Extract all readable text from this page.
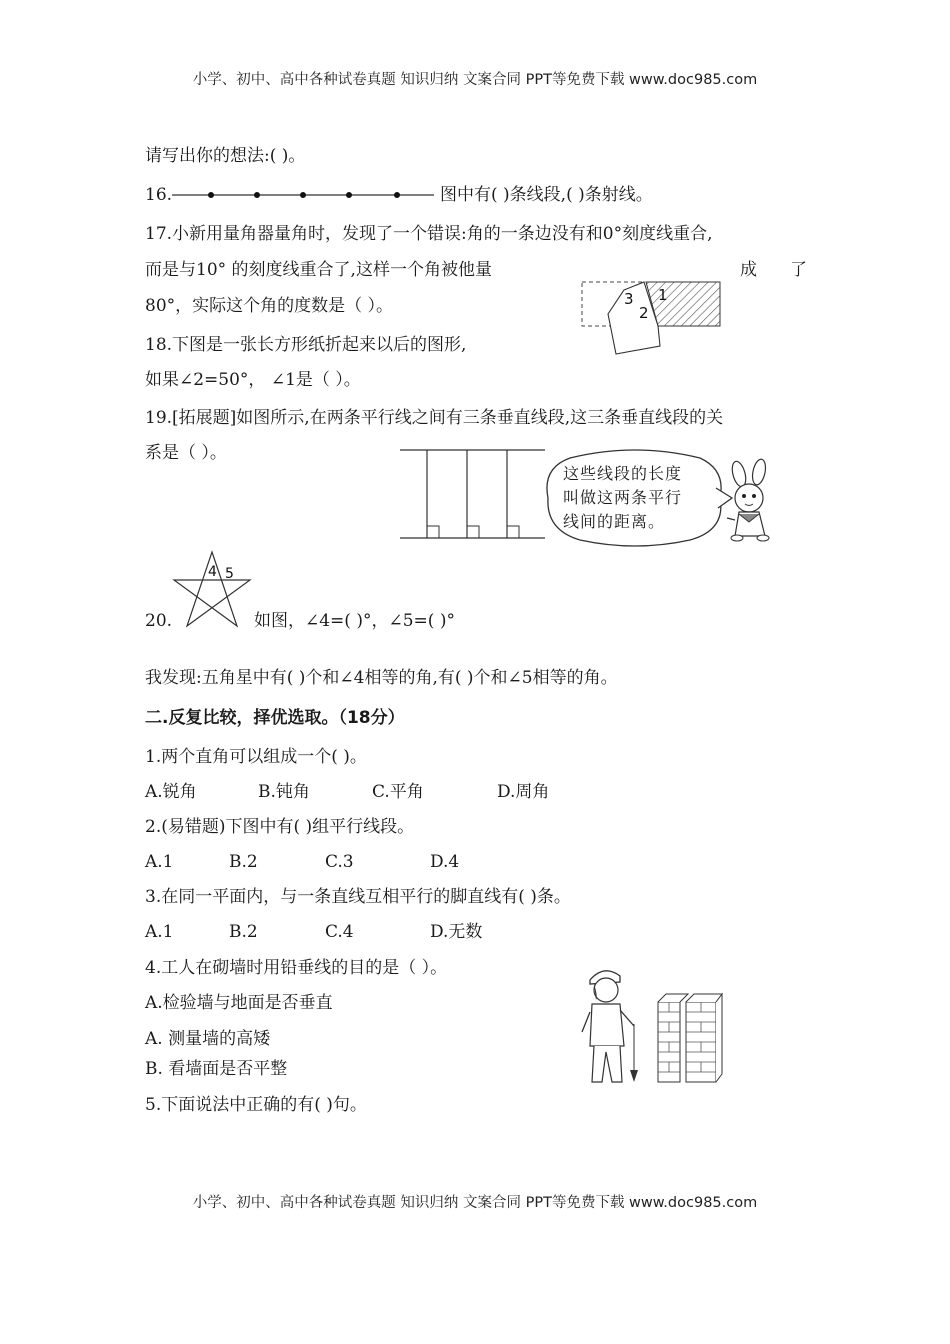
小学、初中、高中各种试卷真题 知识归纳 文案合同 PPT等免费下载 www.doc985.com
请写出你的想法:( )。
16.	图中有( )条线段,( )条射线。
17.小新用量角器量角时，发现了一个错误:角的一条边没有和0°刻度线重合,
而是与10° 的刻度线重合了,这样一个角被他量	成 了
80°，实际这个角的度数是（ ）。	3
2
1
18.下图是一张长方形纸折起来以后的图形,
如果∠2=50°， ∠1是（ ）。
19.[拓展题]如图所示,在两条平行线之间有三条垂直线段,这三条垂直线段的关
系是（ ）。
这些线段的长度
叫做这两条平行
线间的距离。
4 5
20.	如图，∠4=( )°，∠5=( )°
我发现:五角星中有( )个和∠4相等的角,有( )个和∠5相等的角。
二.反复比较，择优选取。（18分）
1.两个直角可以组成一个( )。
A.锐角	B.钝角	C.平角	D.周角
2.(易错题)下图中有( )组平行线段。
A.1	B.2	C.3	D.4
3.在同一平面内，与一条直线互相平行的脚直线有( )条。
A.1	B.2	C.4	D.无数
4.工人在砌墙时用铅垂线的目的是（ ）。
A.检验墙与地面是否垂直
A. 测量墙的高矮
B. 看墙面是否平整
5.下面说法中正确的有( )句。
小学、初中、高中各种试卷真题 知识归纳 文案合同 PPT等免费下载 www.doc985.com
